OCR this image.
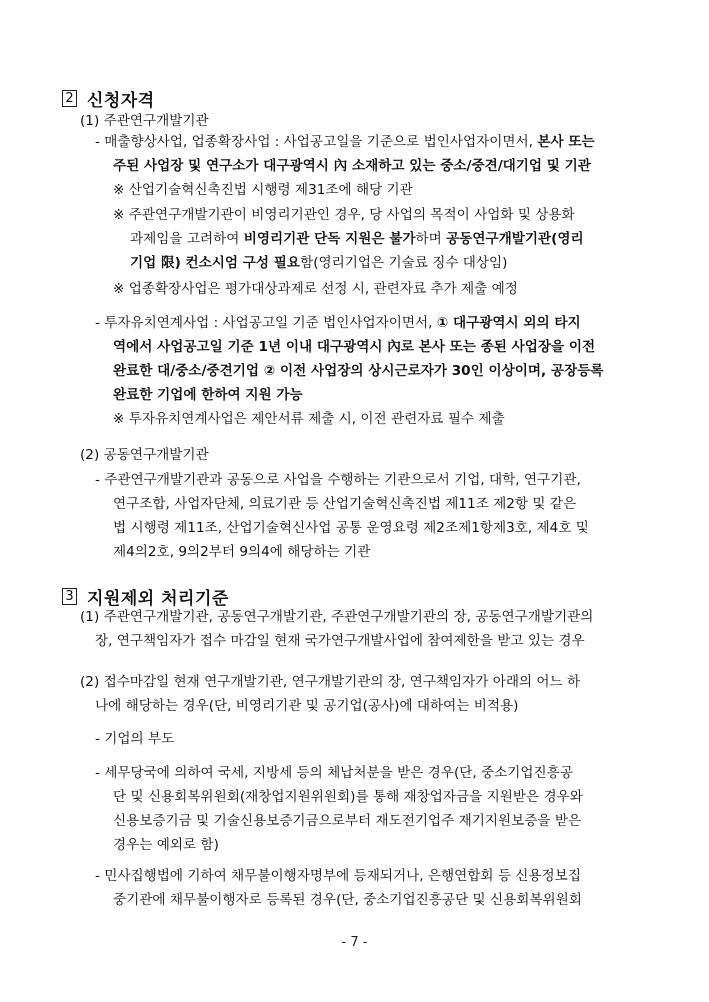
2 신청자격
(1) 주관연구개발기관
- 매출향상사업, 업종확장사업 : 사업공고일을 기준으로 법인사업자이면서, 본사 또는
주된 사업장 및 연구소가 대구광역시 內 소재하고 있는 중소/중견/대기업 및 기관
※ 산업기술혁신촉진법 시행령 제31조에 해당 기관
※ 주관연구개발기관이 비영리기관인 경우, 당 사업의 목적이 사업화 및 상용화
과제임을 고려하여 비영리기관 단독 지원은 불가하며 공동연구개발기관(영리
기업 限) 컨소시엄 구성 필요함(영리기업은 기술료 징수 대상임)
※ 업종확장사업은 평가대상과제로 선정 시, 관련자료 추가 제출 예정
- 투자유치연계사업 : 사업공고일 기준 법인사업자이면서, ① 대구광역시 외의 타지
역에서 사업공고일 기준 1년 이내 대구광역시 內로 본사 또는 종된 사업장을 이전
완료한 대/중소/중견기업 ② 이전 사업장의 상시근로자가 30인 이상이며, 공장등록
완료한 기업에 한하여 지원 가능
※ 투자유치연계사업은 제안서류 제출 시, 이전 관련자료 필수 제출
(2) 공동연구개발기관
- 주관연구개발기관과 공동으로 사업을 수행하는 기관으로서 기업, 대학, 연구기관,
연구조합, 사업자단체, 의료기관 등 산업기술혁신촉진법 제11조 제2항 및 같은
법 시행령 제11조, 산업기술혁신사업 공통 운영요령 제2조제1항제3호, 제4호 및
제4의2호, 9의2부터 9의4에 해당하는 기관
3 지원제외 처리기준
(1) 주관연구개발기관, 공동연구개발기관, 주관연구개발기관의 장, 공동연구개발기관의
장, 연구책임자가 접수 마감일 현재 국가연구개발사업에 참여제한을 받고 있는 경우
(2) 접수마감일 현재 연구개발기관, 연구개발기관의 장, 연구책임자가 아래의 어느 하
나에 해당하는 경우(단, 비영리기관 및 공기업(공사)에 대하여는 비적용)
- 기업의 부도
- 세무당국에 의하여 국세, 지방세 등의 체납처분을 받은 경우(단, 중소기업진흥공
단 및 신용회복위원회(재창업지원위원회)를 통해 재창업자금을 지원받은 경우와
신용보증기금 및 기술신용보증기금으로부터 재도전기업주 재기지원보증을 받은
경우는 예외로 함)
- 민사집행법에 기하여 채무불이행자명부에 등재되거나, 은행연합회 등 신용정보집
중기관에 채무불이행자로 등록된 경우(단, 중소기업진흥공단 및 신용회복위원회
- 7 -
